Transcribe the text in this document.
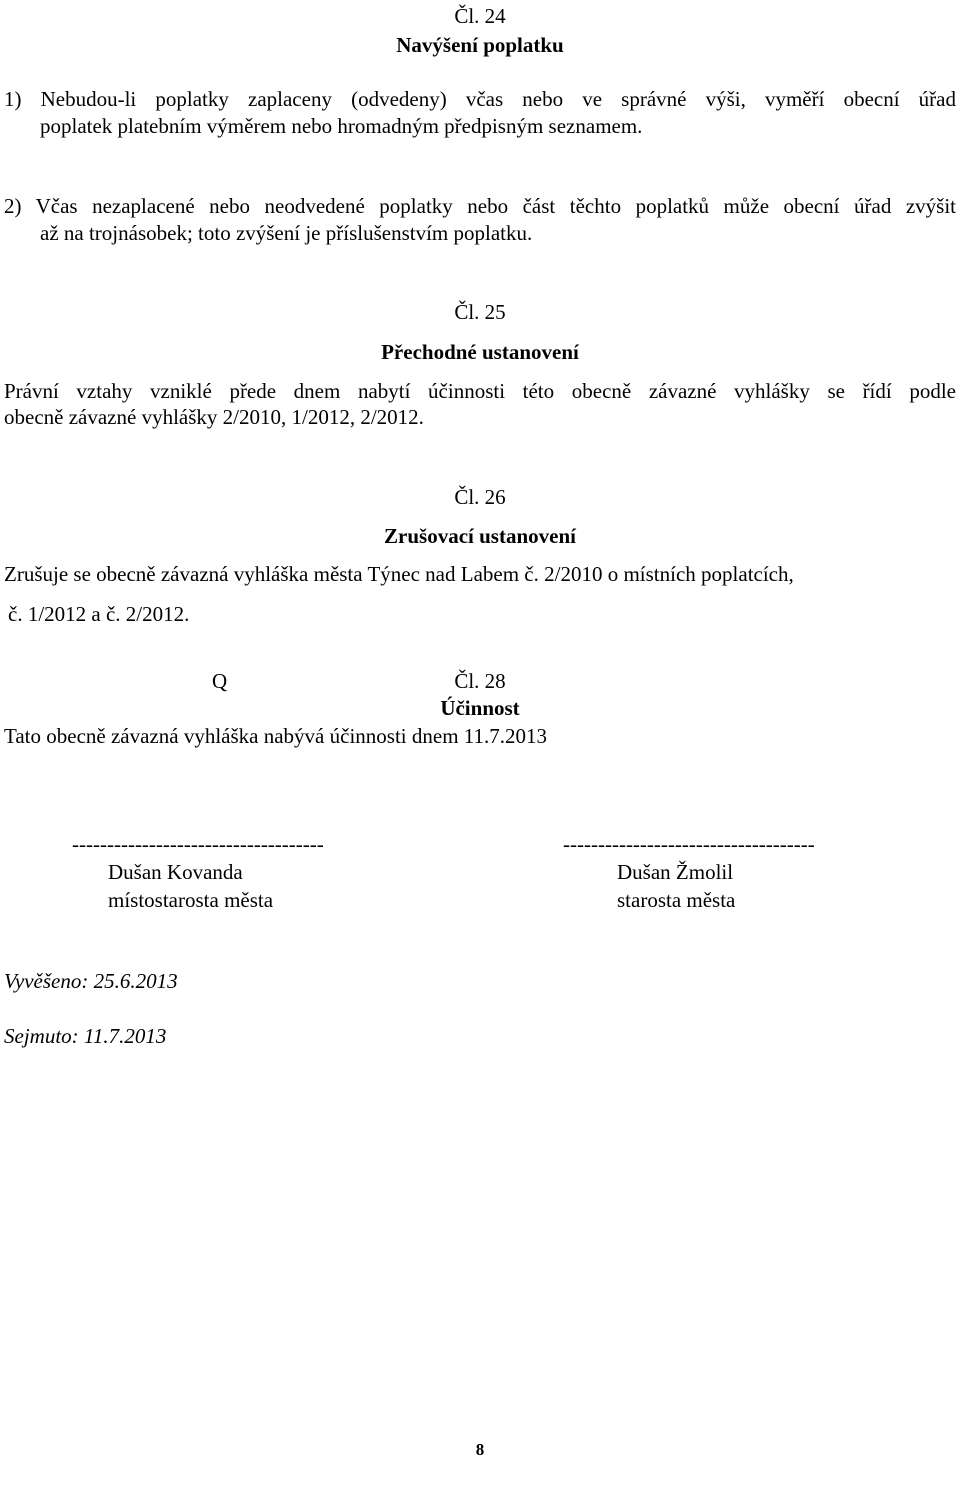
Čl. 24
Navýšení poplatku
1) Nebudou-li poplatky zaplaceny (odvedeny) včas nebo ve správné výši, vyměří obecní úřad
poplatek platebním výměrem nebo hromadným předpisným seznamem.
2) Včas nezaplacené nebo neodvedené poplatky nebo část těchto poplatků může obecní úřad zvýšit
až na trojnásobek; toto zvýšení je příslušenstvím poplatku.
Čl. 25
Přechodné ustanovení
Právní vztahy vzniklé přede dnem nabytí účinnosti této obecně závazné vyhlášky se řídí podle
obecně závazné vyhlášky 2/2010, 1/2012, 2/2012.
Čl. 26
Zrušovací ustanovení
Zrušuje se obecně závazná vyhláška města Týnec nad Labem č. 2/2010 o místních poplatcích,
č. 1/2012 a č. 2/2012.
Q	Čl. 28
Účinnost
Tato obecně závazná vyhláška nabývá účinnosti dnem 11.7.2013
------------------------------------
Dušan Kovanda
místostarosta města
------------------------------------
Dušan Žmolil
starosta města
Vyvěšeno: 25.6.2013
Sejmuto: 11.7.2013
8
